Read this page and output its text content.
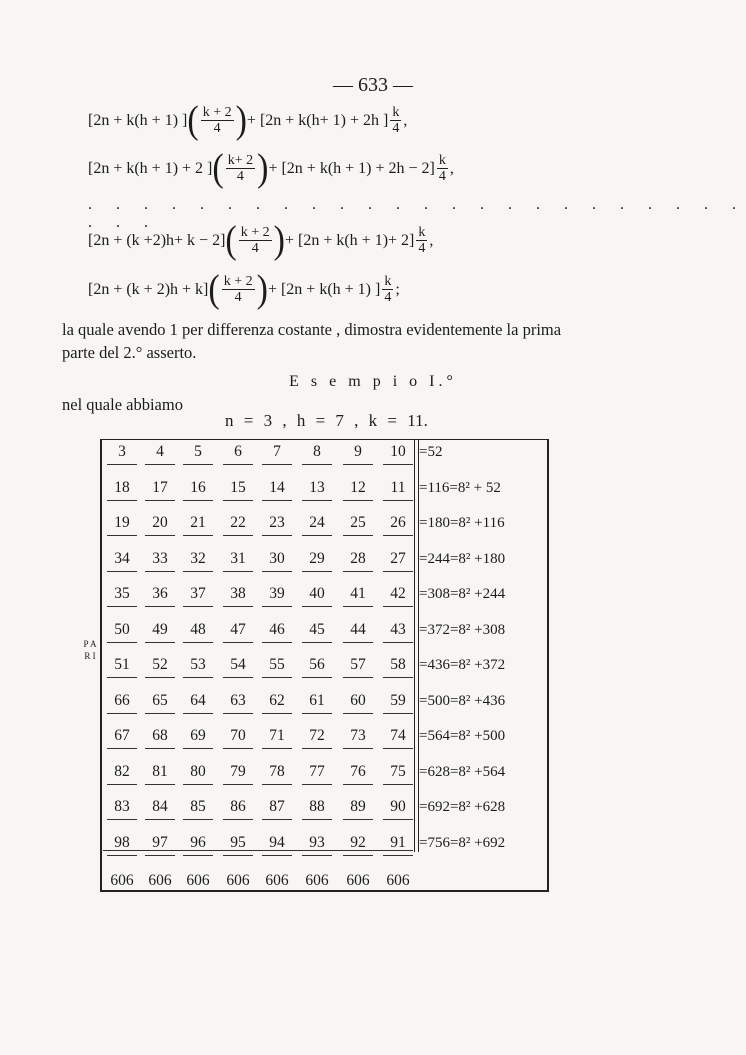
— 633 —
[2n + k(h + 1) ] ( $\frac{k + 2}{4}$ ) + [2n + k(h+ 1) + 2h ] $\frac{k}{4}$ ,
[2n + k(h + 1) + 2 ] ( $\frac{k+ 2}{4}$ ) + $[2n + k(h + 1) + 2h - 2] \frac{k}{4}$ ,
[2n + (k +2)h+ k − 2] ( $\frac{k + 2}{4}$ ) + $[2n + k(h + 1)+ 2] \frac{k}{4}$ ,
[2n + (k + 2)h + k] ( $\frac{k + 2}{4}$ ) + [2n + k(h + 1) ] $\frac{k}{4}$ ;
. . . . . . . . . . . . . . . . . . . . . . . . . . .
la quale avendo 1 per differenza costante , dimostra evidentemente la prima
parte del 2.° asserto.
E s e m p i o I.°
nel quale abbiamo
n = 3 , h = 7 , k = 11.
P A R I
3	4	5	6	7	8	9	10 =52
18	17	16	15	14	13	12	11 =116=8² + 52
19	20	21	22	23	24	25	26 =180=8² +116
34	33	32	31	30	29	28	27 =244=8² +180
35	36	37	38	39	40	41	42 =308=8² +244
50	49	48	47	46	45	44	43 =372=8² +308
51	52	53	54	55	56	57	58 =436=8² +372
66	65	64	63	62	61	60	59 =500=8² +436
67	68	69	70	71	72	73	74 =564=8² +500
82	81	80	79	78	77	76	75 =628=8² +564
83	84	85	86	87	88	89	90 =692=8² +628
98	97	96	95	94	93	92	91 =756=8² +692
606 606 606	606	606	606	606	606
